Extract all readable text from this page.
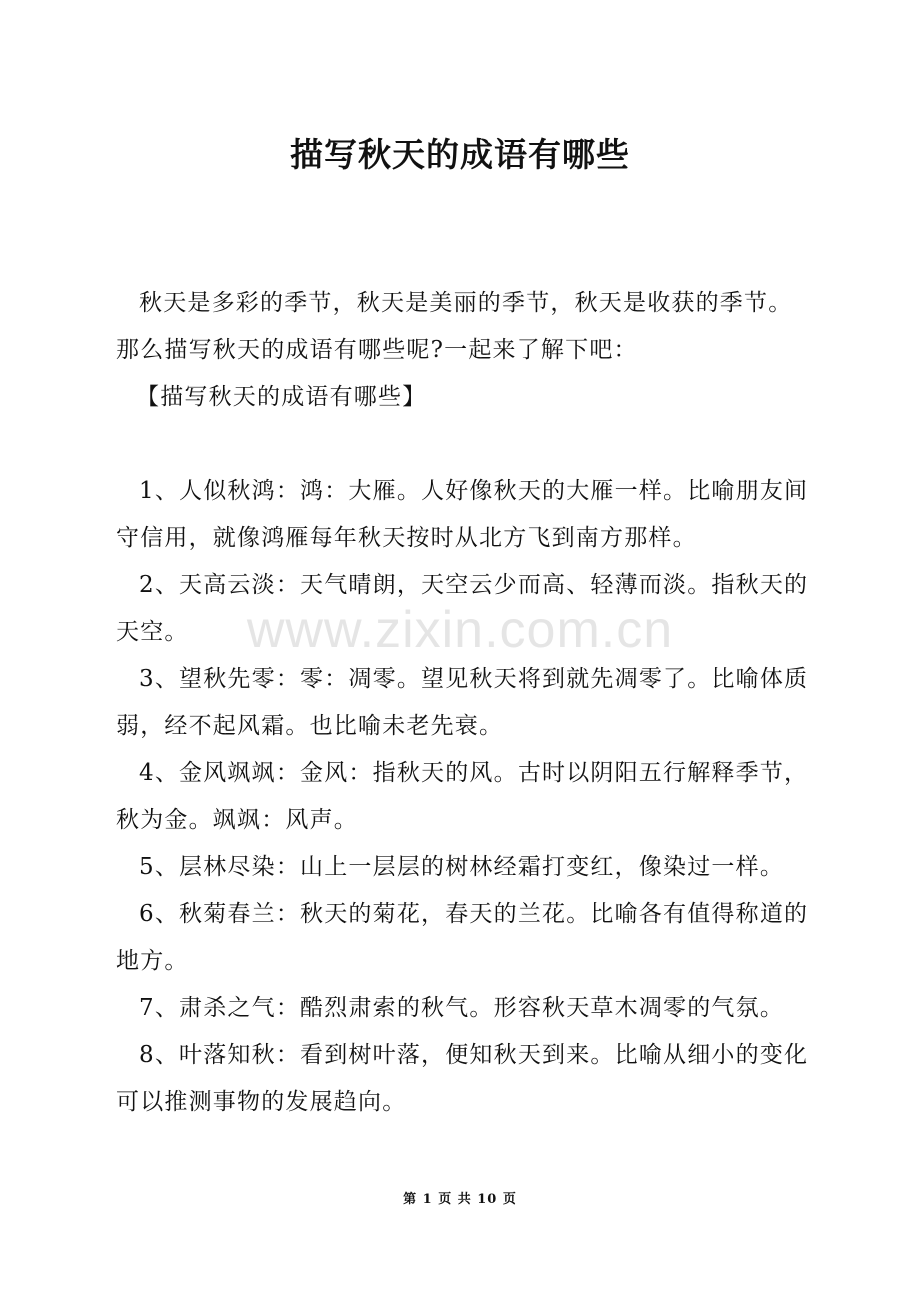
描写秋天的成语有哪些

秋天是多彩的季节，秋天是美丽的季节，秋天是收获的季节。那么描写秋天的成语有哪些呢?一起来了解下吧：

【描写秋天的成语有哪些】

1、人似秋鸿：鸿：大雁。人好像秋天的大雁一样。比喻朋友间守信用，就像鸿雁每年秋天按时从北方飞到南方那样。

2、天高云淡：天气晴朗，天空云少而高、轻薄而淡。指秋天的天空。

3、望秋先零：零：凋零。望见秋天将到就先凋零了。比喻体质弱，经不起风霜。也比喻未老先衰。

4、金风飒飒：金风：指秋天的风。古时以阴阳五行解释季节，秋为金。飒飒：风声。

5、层林尽染：山上一层层的树林经霜打变红，像染过一样。

6、秋菊春兰：秋天的菊花，春天的兰花。比喻各有值得称道的地方。

7、肃杀之气：酷烈肃索的秋气。形容秋天草木凋零的气氛。

8、叶落知秋：看到树叶落，便知秋天到来。比喻从细小的变化可以推测事物的发展趋向。

www.zixin.com.cn
第 1 页 共 10 页
